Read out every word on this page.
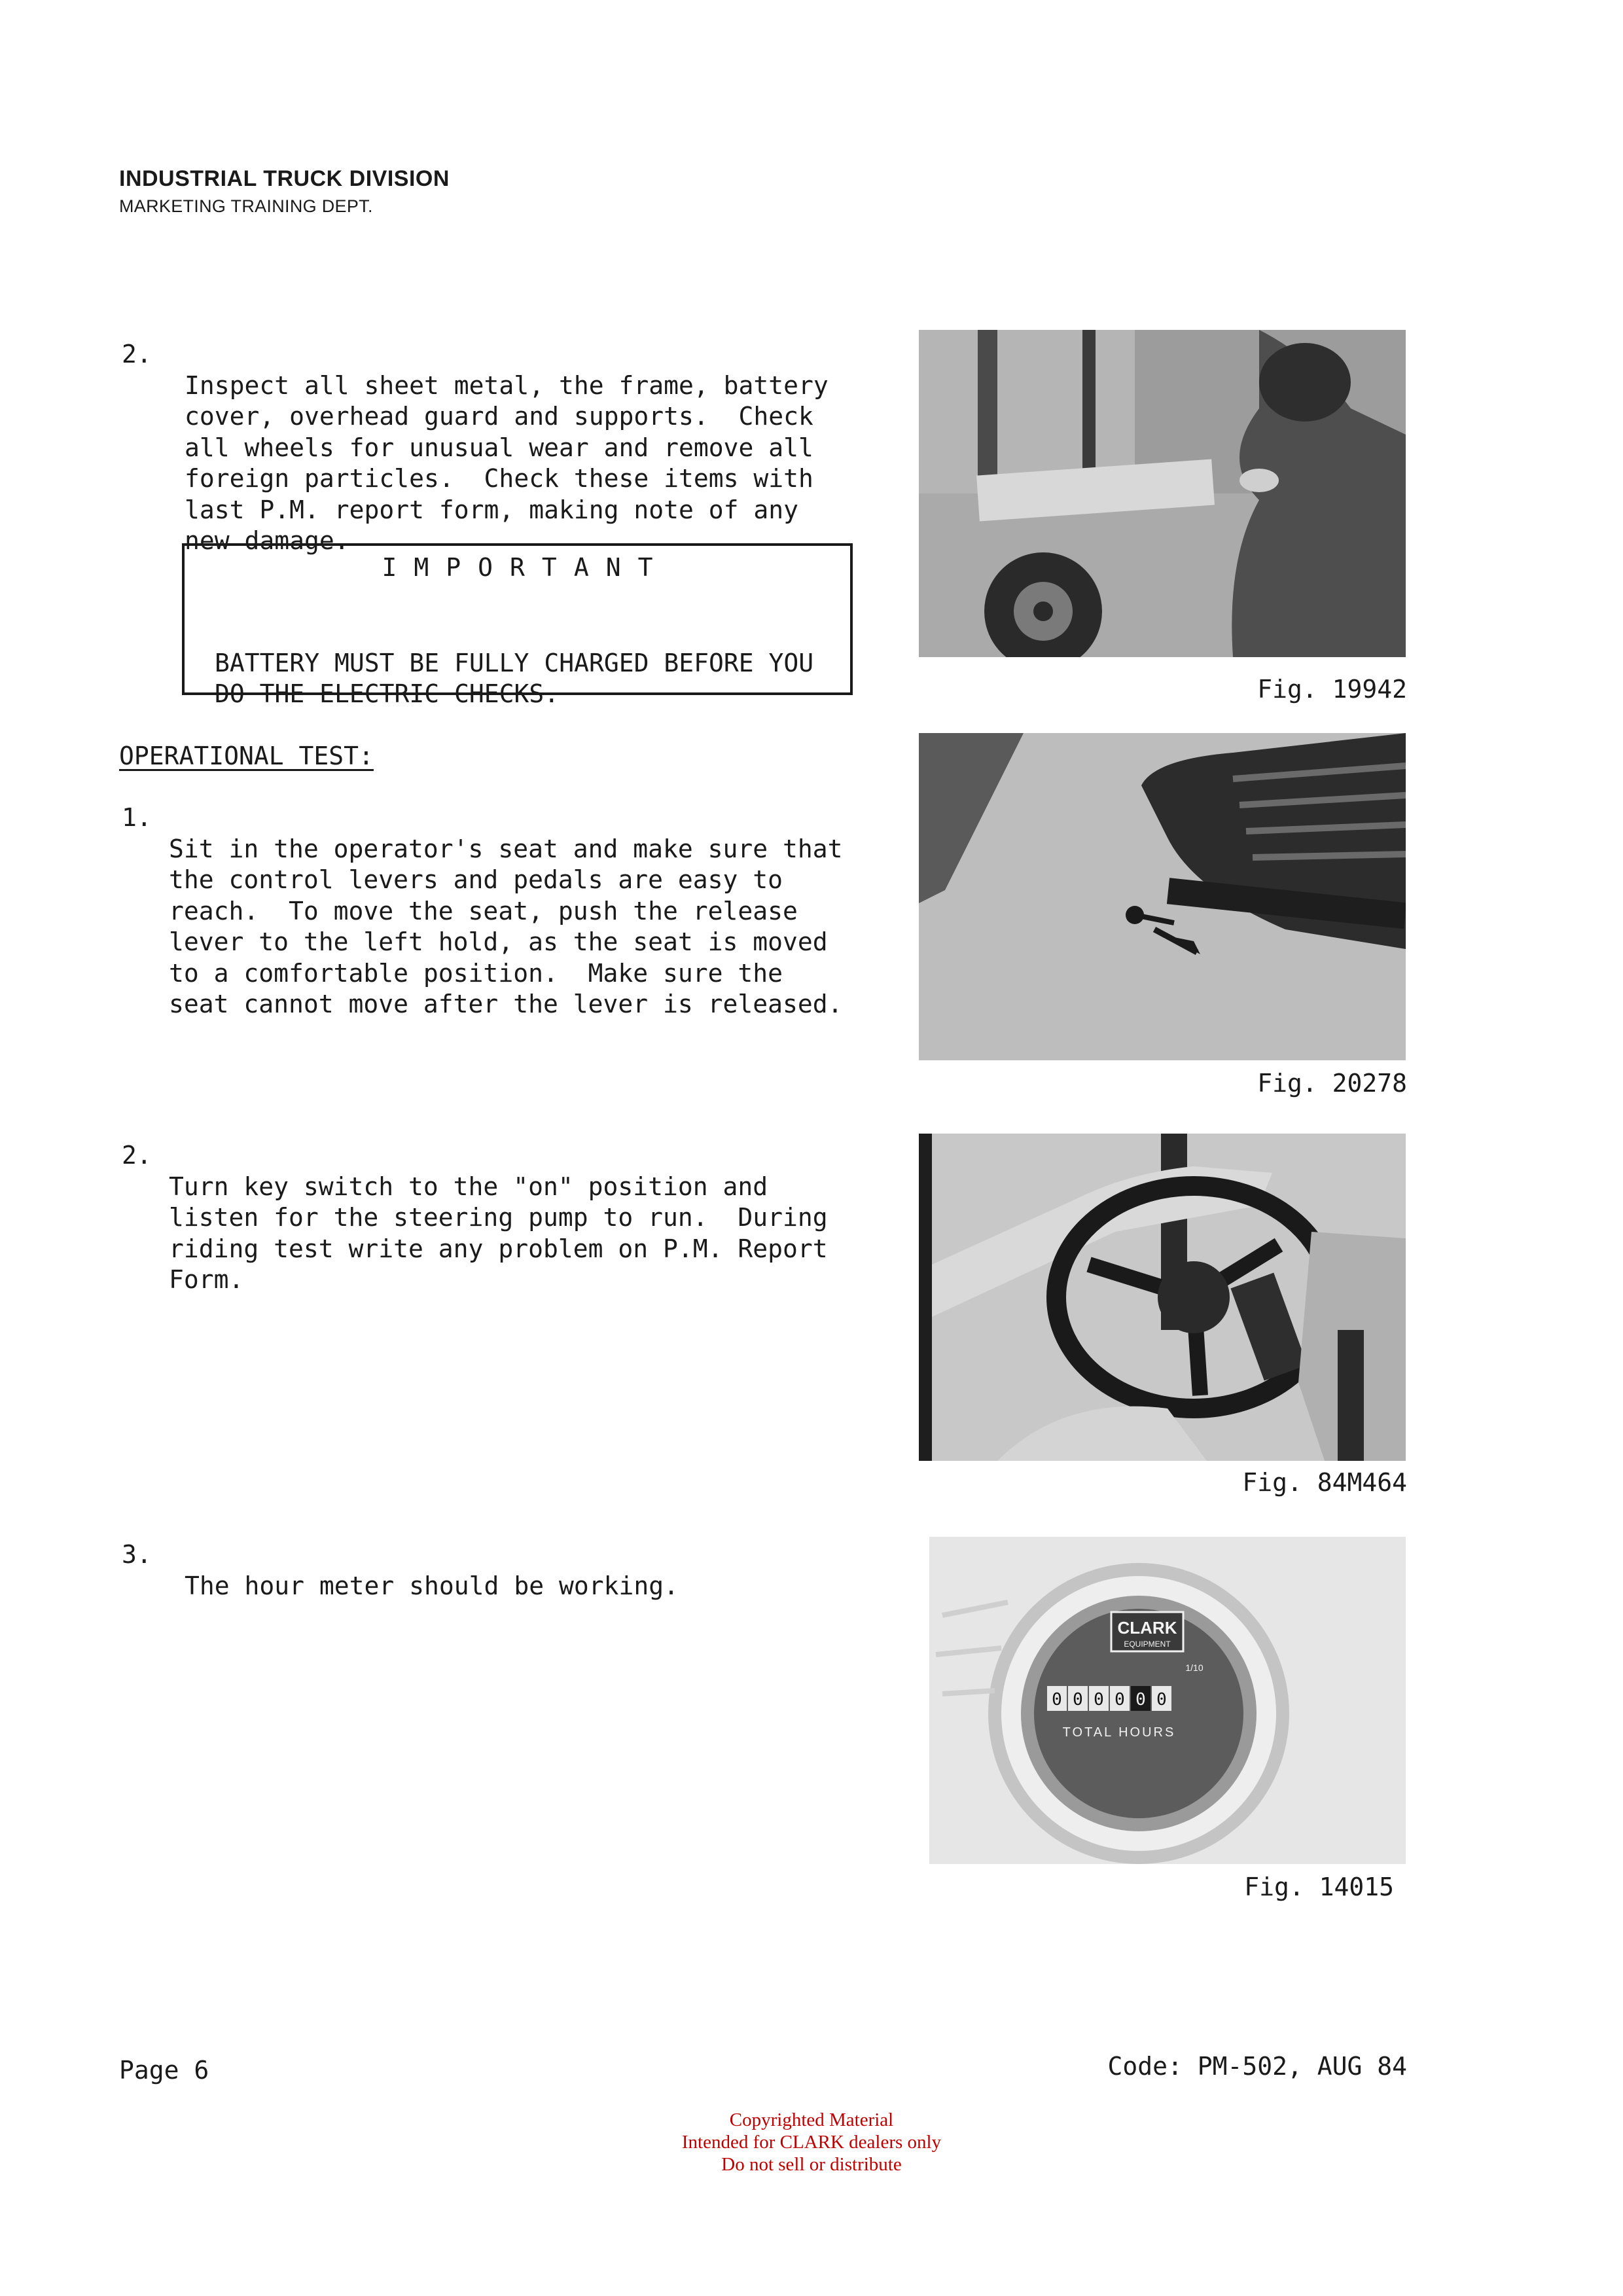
INDUSTRIAL TRUCK DIVISION
MARKETING TRAINING DEPT.
2.

Inspect all sheet metal, the frame, battery
cover, overhead guard and supports.  Check
all wheels for unusual wear and remove all
foreign particles.  Check these items with
last P.M. report form, making note of any
new damage.

IMPORTANT

BATTERY MUST BE FULLY CHARGED BEFORE YOU
DO THE ELECTRIC CHECKS.

OPERATIONAL TEST:
1.

Sit in the operator's seat and make sure that
the control levers and pedals are easy to
reach.  To move the seat, push the release
lever to the left hold, as the seat is moved
to a comfortable position.  Make sure the
seat cannot move after the lever is released.

2.

Turn key switch to the "on" position and
listen for the steering pump to run.  During
riding test write any problem on P.M. Report
Form.

3.

The hour meter should be working.

Fig. 19942
Fig. 20278
Fig. 84M464
CLARK
EQUIPMENT
1/10
0 0 0 0 0 0
TOTAL HOURS
Fig. 14015
Page 6	Code: PM-502, AUG 84
Copyrighted Material
Intended for CLARK dealers only
Do not sell or distribute
